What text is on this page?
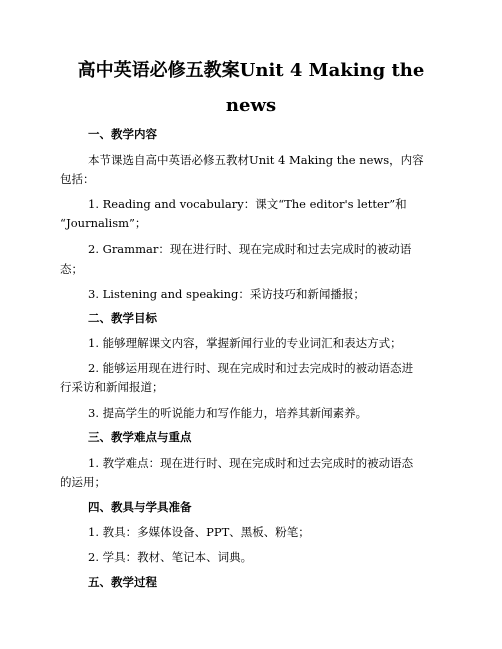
高中英语必修五教案Unit 4 Making the
news
一、教学内容
本节课选自高中英语必修五教材Unit 4 Making the news，内容
包括：
1. Reading and vocabulary：课文“The editor's letter”和
“Journalism”；
2. Grammar：现在进行时、现在完成时和过去完成时的被动语
态；
3. Listening and speaking：采访技巧和新闻播报；
二、教学目标
1. 能够理解课文内容，掌握新闻行业的专业词汇和表达方式；
2. 能够运用现在进行时、现在完成时和过去完成时的被动语态进
行采访和新闻报道；
3. 提高学生的听说能力和写作能力，培养其新闻素养。
三、教学难点与重点
1. 教学难点：现在进行时、现在完成时和过去完成时的被动语态
的运用；
四、教具与学具准备
1. 教具：多媒体设备、PPT、黑板、粉笔；
2. 学具：教材、笔记本、词典。
五、教学过程
